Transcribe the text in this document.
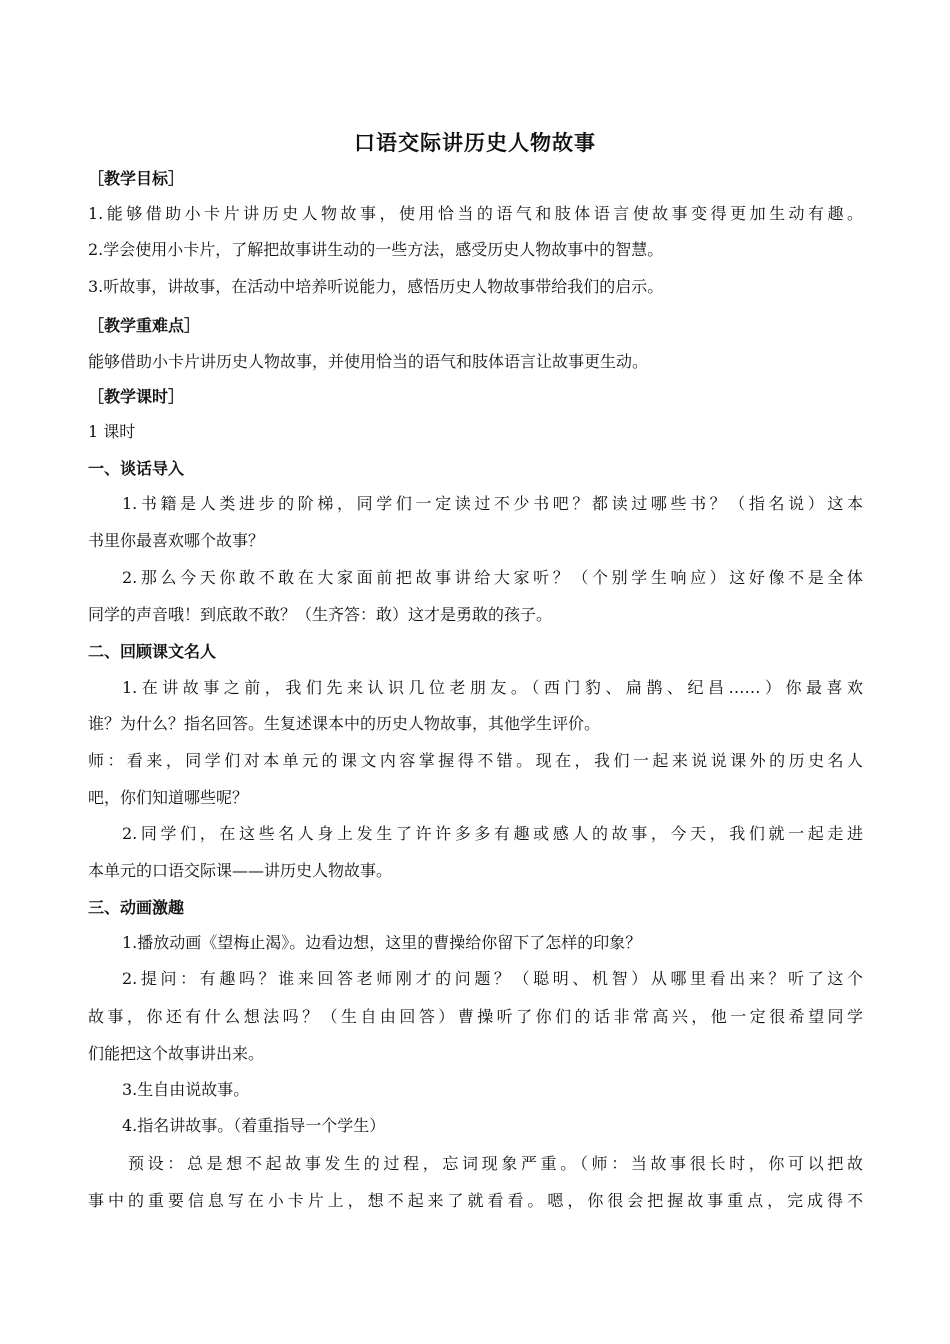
口语交际讲历史人物故事
［教学目标］
1.能够借助小卡片讲历史人物故事，使用恰当的语气和肢体语言使故事变得更加生动有趣。
2.学会使用小卡片，了解把故事讲生动的一些方法，感受历史人物故事中的智慧。
3.听故事，讲故事，在活动中培养听说能力，感悟历史人物故事带给我们的启示。
［教学重难点］
能够借助小卡片讲历史人物故事，并使用恰当的语气和肢体语言让故事更生动。
［教学课时］
1 课时
一、谈话导入
1.书籍是人类进步的阶梯，同学们一定读过不少书吧？都读过哪些书？（指名说）这本
书里你最喜欢哪个故事？
2.那么今天你敢不敢在大家面前把故事讲给大家听？（个别学生响应）这好像不是全体
同学的声音哦！到底敢不敢？（生齐答：敢）这才是勇敢的孩子。
二、回顾课文名人
1.在讲故事之前，我们先来认识几位老朋友。（西门豹、扁鹊、纪昌……）你最喜欢
谁？为什么？指名回答。生复述课本中的历史人物故事，其他学生评价。
师：看来，同学们对本单元的课文内容掌握得不错。现在，我们一起来说说课外的历史名人
吧，你们知道哪些呢？
2.同学们，在这些名人身上发生了许许多多有趣或感人的故事，今天，我们就一起走进
本单元的口语交际课——讲历史人物故事。
三、动画激趣
1.播放动画《望梅止渴》。边看边想，这里的曹操给你留下了怎样的印象？
2.提问：有趣吗？谁来回答老师刚才的问题？（聪明、机智）从哪里看出来？听了这个
故事，你还有什么想法吗？（生自由回答）曹操听了你们的话非常高兴，他一定很希望同学
们能把这个故事讲出来。
3.生自由说故事。
4.指名讲故事。（着重指导一个学生）
预设：总是想不起故事发生的过程，忘词现象严重。（师：当故事很长时，你可以把故
事中的重要信息写在小卡片上，想不起来了就看看。嗯，你很会把握故事重点，完成得不
